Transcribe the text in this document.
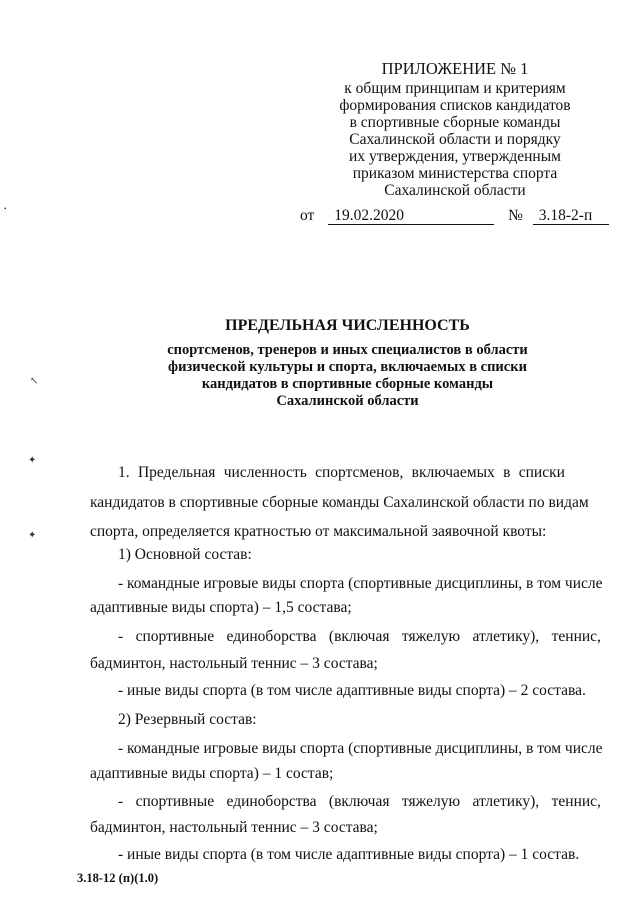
ПРИЛОЖЕНИЕ № 1
к общим принципам и критериям
формирования списков кандидатов
в спортивные сборные команды
Сахалинской области и порядку
их утверждения, утвержденным
приказом министерства спорта
Сахалинской области
от 19.02.2020	№ 3.18-2-п
ПРЕДЕЛЬНАЯ ЧИСЛЕННОСТЬ
спортсменов, тренеров и иных специалистов в области
физической культуры и спорта, включаемых в списки
кандидатов в спортивные сборные команды
Сахалинской области
1. Предельная численность спортсменов, включаемых в списки
кандидатов в спортивные сборные команды Сахалинской области по видам
спорта, определяется кратностью от максимальной заявочной квоты:
1) Основной состав:
- командные игровые виды спорта (спортивные дисциплины, в том числе
адаптивные виды спорта) – 1,5 состава;
- спортивные единоборства (включая тяжелую атлетику), теннис,
бадминтон, настольный теннис – 3 состава;
- иные виды спорта (в том числе адаптивные виды спорта) – 2 состава.
2) Резервный состав:
- командные игровые виды спорта (спортивные дисциплины, в том числе
адаптивные виды спорта) – 1 состав;
- спортивные единоборства (включая тяжелую атлетику), теннис,
бадминтон, настольный теннис – 3 состава;
- иные виды спорта (в том числе адаптивные виды спорта) – 1 состав.
3.18-12 (п)(1.0)
↖
✦
✦
•
